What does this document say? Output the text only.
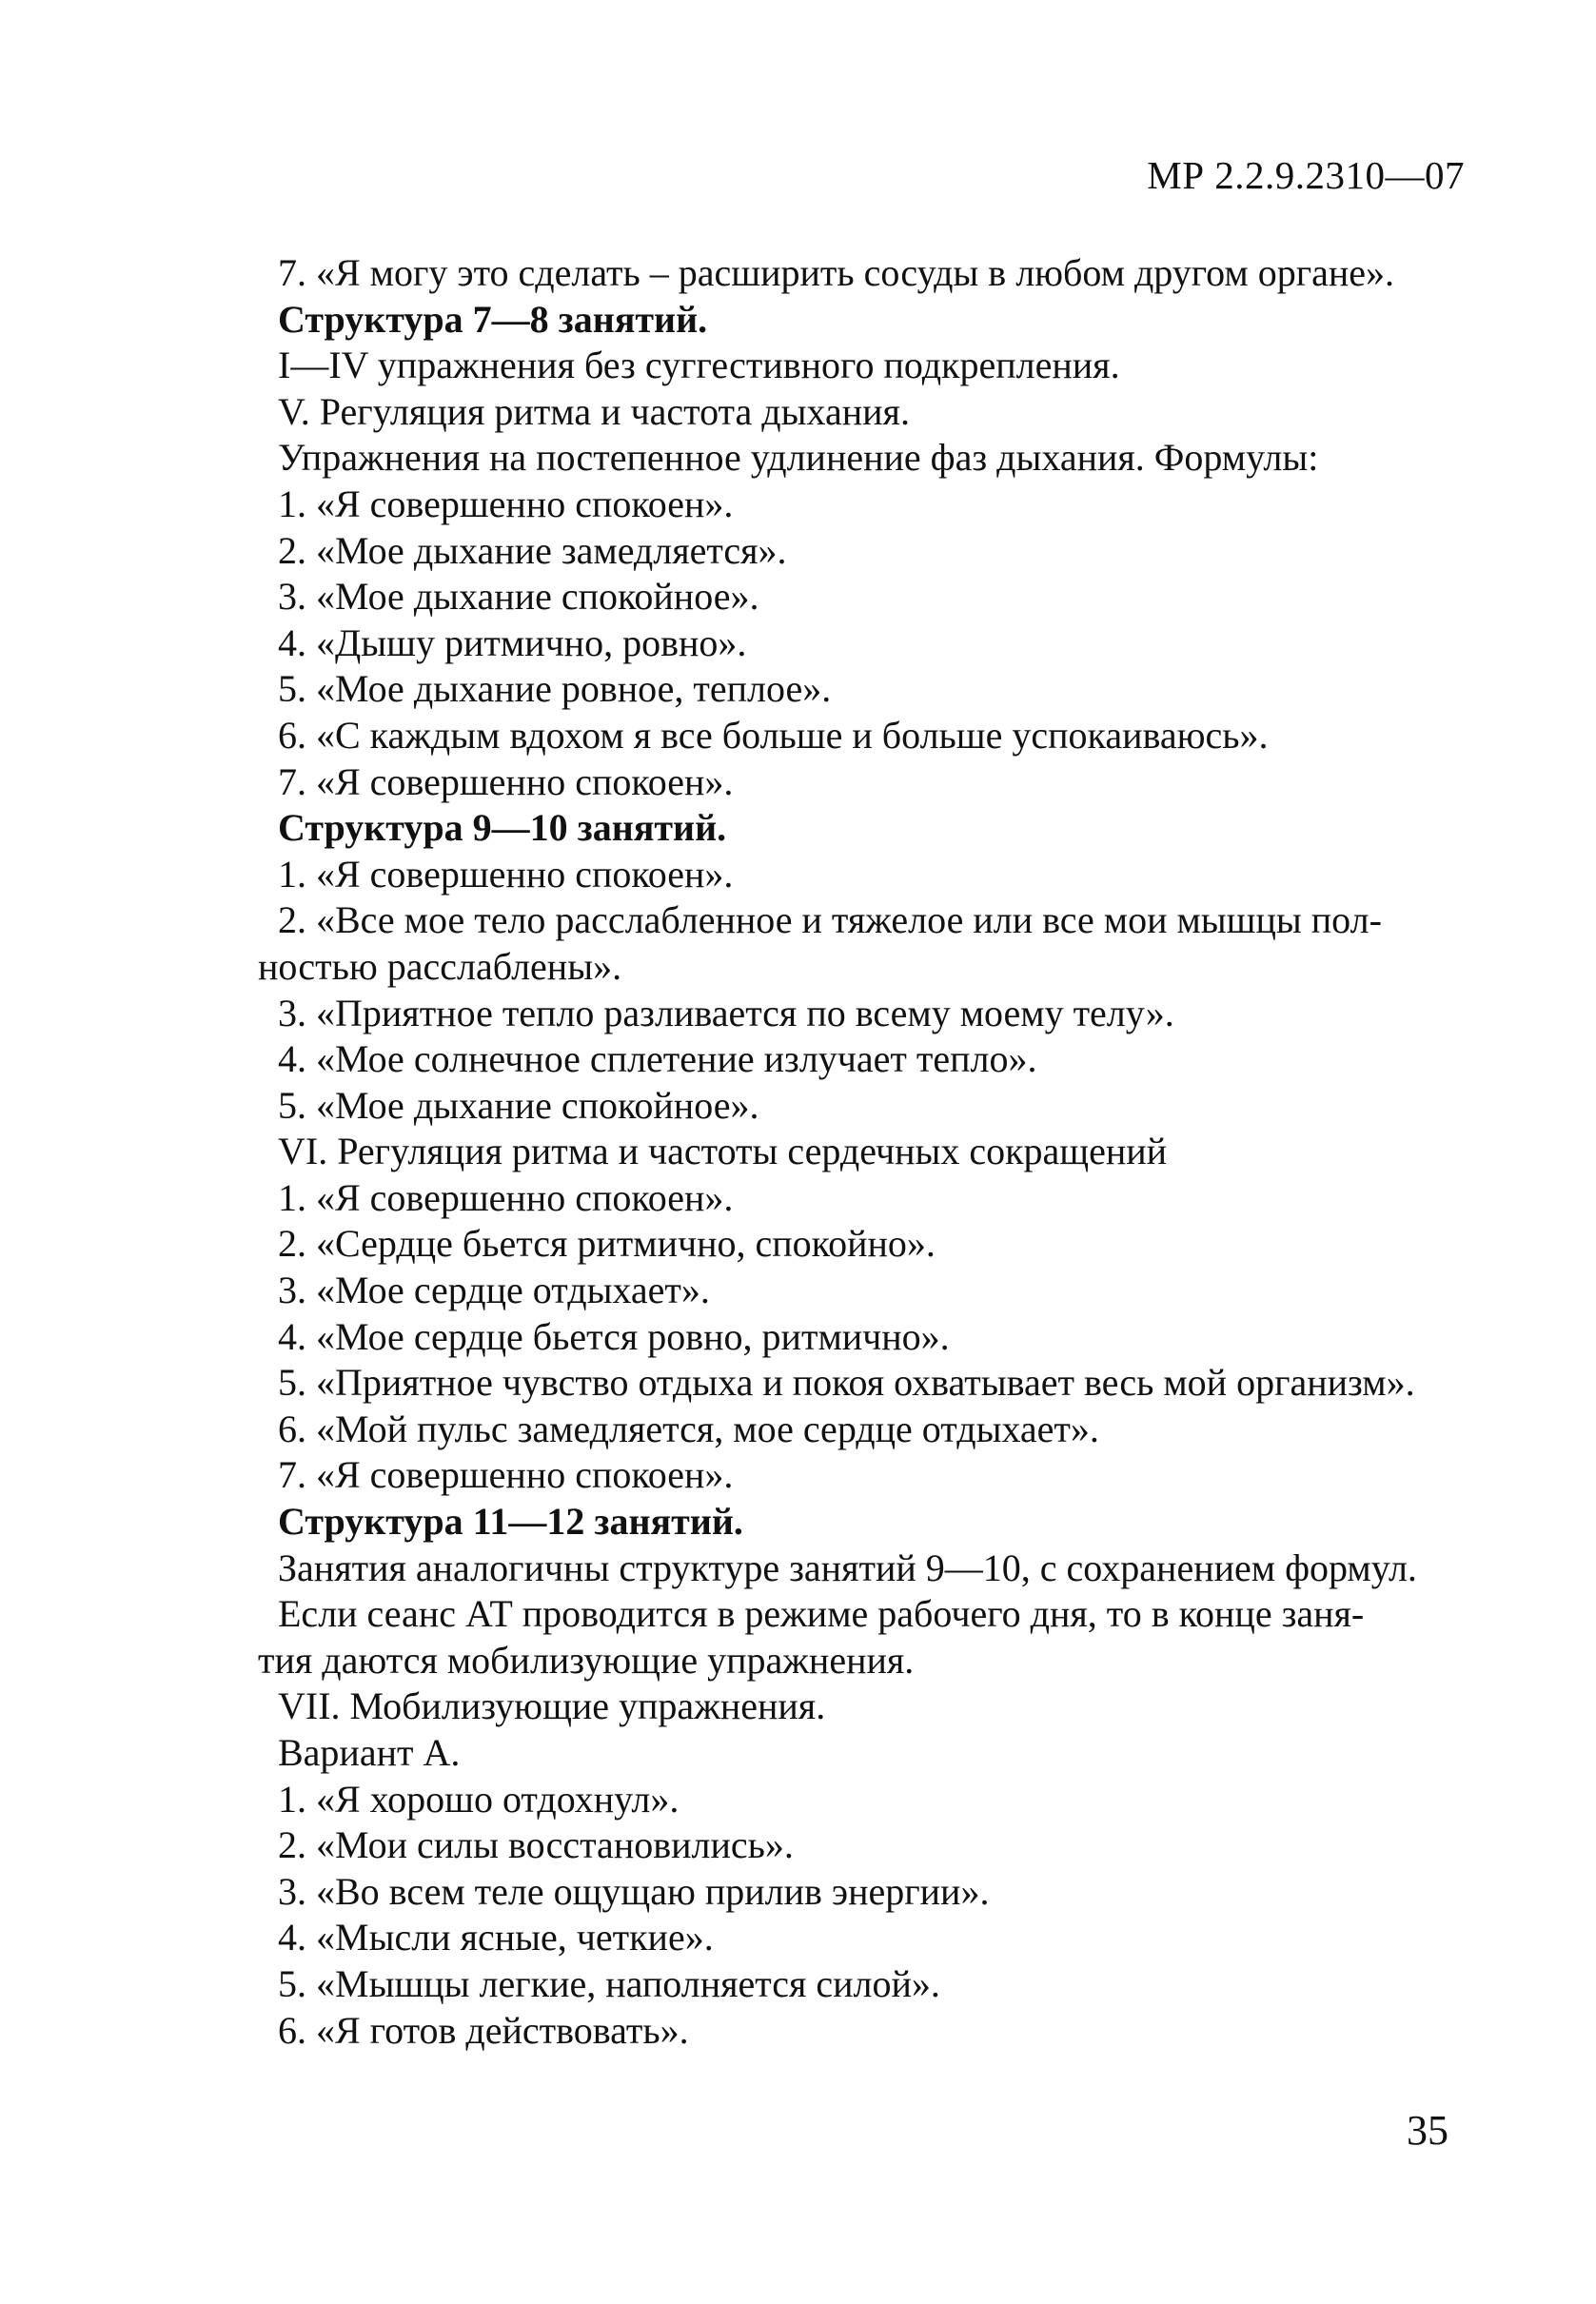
МР 2.2.9.2310—07
7. «Я могу это сделать – расширить сосуды в любом другом органе».
Структура 7—8 занятий.
I—IV упражнения без суггестивного подкрепления.
V. Регуляция ритма и частота дыхания.
Упражнения на постепенное удлинение фаз дыхания. Формулы:
1. «Я совершенно спокоен».
2. «Мое дыхание замедляется».
3. «Мое дыхание спокойное».
4. «Дышу ритмично, ровно».
5. «Мое дыхание ровное, теплое».
6. «С каждым вдохом я все больше и больше успокаиваюсь».
7. «Я совершенно спокоен».
Структура 9—10 занятий.
1. «Я совершенно спокоен».
2. «Все мое тело расслабленное и тяжелое или все мои мышцы пол-
ностью расслаблены».
3. «Приятное тепло разливается по всему моему телу».
4. «Мое солнечное сплетение излучает тепло».
5. «Мое дыхание спокойное».
VI. Регуляция ритма и частоты сердечных сокращений
1. «Я совершенно спокоен».
2. «Сердце бьется ритмично, спокойно».
3. «Мое сердце отдыхает».
4. «Мое сердце бьется ровно, ритмично».
5. «Приятное чувство отдыха и покоя охватывает весь мой организм».
6. «Мой пульс замедляется, мое сердце отдыхает».
7. «Я совершенно спокоен».
Структура 11—12 занятий.
Занятия аналогичны структуре занятий 9—10, с сохранением формул.
Если сеанс АТ проводится в режиме рабочего дня, то в конце заня-
тия даются мобилизующие упражнения.
VII. Мобилизующие упражнения.
Вариант А.
1. «Я хорошо отдохнул».
2. «Мои силы восстановились».
3. «Во всем теле ощущаю прилив энергии».
4. «Мысли ясные, четкие».
5. «Мышцы легкие, наполняется силой».
6. «Я готов действовать».
35
